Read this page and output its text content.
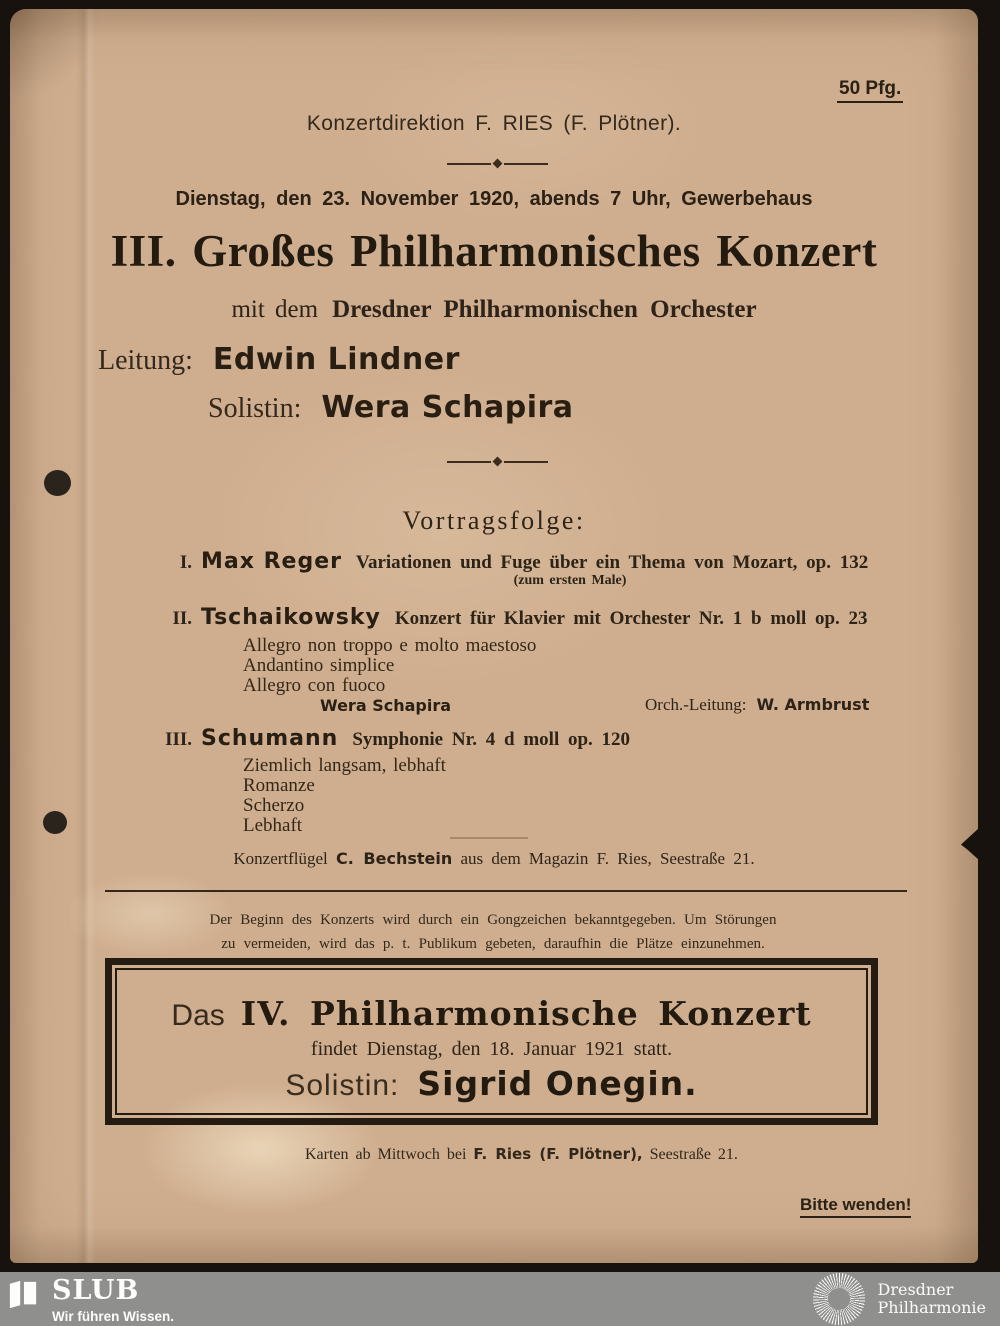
50 Pfg.
Konzertdirektion F. RIES (F. Plötner).
Dienstag, den 23. November 1920, abends 7 Uhr, Gewerbehaus
III. Großes Philharmonisches Konzert
mit dem Dresdner Philharmonischen Orchester
Leitung: Edwin Lindner
Solistin: Wera Schapira
Vortragsfolge:
I. Max Reger Variationen und Fuge über ein Thema von Mozart, op. 132
(zum ersten Male)
II. Tschaikowsky Konzert für Klavier mit Orchester Nr. 1 b moll op. 23
Allegro non troppo e molto maestoso
Andantino simplice
Allegro con fuoco
Wera Schapira	Orch.-Leitung: W. Armbrust
III. Schumann Symphonie Nr. 4 d moll op. 120
Ziemlich langsam, lebhaft
Romanze
Scherzo
Lebhaft
Konzertflügel C. Bechstein aus dem Magazin F. Ries, Seestraße 21.
Der Beginn des Konzerts wird durch ein Gongzeichen bekanntgegeben. Um Störungen
zu vermeiden, wird das p. t. Publikum gebeten, daraufhin die Plätze einzunehmen.
Das IV. Philharmonische Konzert
findet Dienstag, den 18. Januar 1921 statt.
Solistin: Sigrid Onegin.
Karten ab Mittwoch bei F. Ries (F. Plötner), Seestraße 21.
Bitte wenden!
SLUB
Wir führen Wissen.
Dresdner
Philharmonie
